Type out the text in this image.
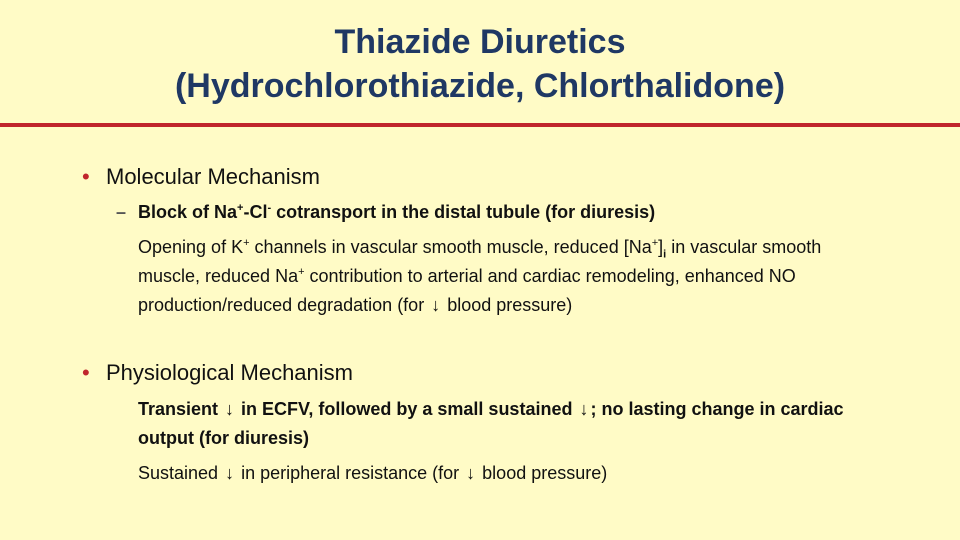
Thiazide Diuretics
(Hydrochlorothiazide, Chlorthalidone)
• Molecular Mechanism
– Block of Na+-Cl- cotransport in the distal tubule (for diuresis)
Opening of K+ channels in vascular smooth muscle, reduced $[Na^+]_i$ in vascular smooth muscle, reduced Na+ contribution to arterial and cardiac remodeling, enhanced NO production/reduced degradation (for ↓ blood pressure)
• Physiological Mechanism
Transient ↓ in ECFV, followed by a small sustained ↓ ; no lasting change in cardiac output (for diuresis)
Sustained ↓ in peripheral resistance (for ↓ blood pressure)
